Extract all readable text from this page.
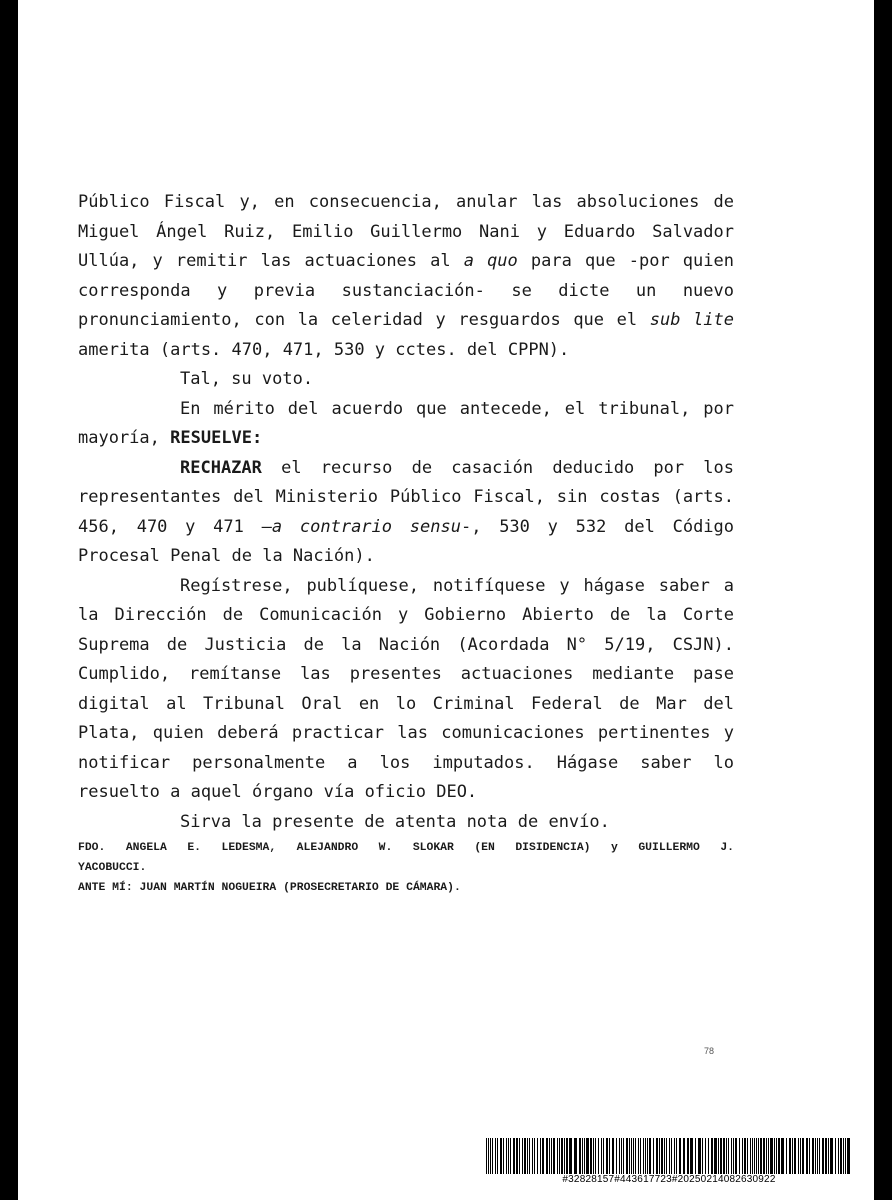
Público Fiscal y, en consecuencia, anular las absoluciones de Miguel Ángel Ruiz, Emilio Guillermo Nani y Eduardo Salvador Ullúa, y remitir las actuaciones al a quo para que -por quien corresponda y previa sustanciación- se dicte un nuevo pronunciamiento, con la celeridad y resguardos que el sub lite amerita (arts. 470, 471, 530 y cctes. del CPPN).

Tal, su voto.

En mérito del acuerdo que antecede, el tribunal, por mayoría, RESUELVE:

RECHAZAR el recurso de casación deducido por los representantes del Ministerio Público Fiscal, sin costas (arts. 456, 470 y 471 –a contrario sensu-, 530 y 532 del Código Procesal Penal de la Nación).

Regístrese, publíquese, notifíquese y hágase saber a la Dirección de Comunicación y Gobierno Abierto de la Corte Suprema de Justicia de la Nación (Acordada N° 5/19, CSJN). Cumplido, remítanse las presentes actuaciones mediante pase digital al Tribunal Oral en lo Criminal Federal de Mar del Plata, quien deberá practicar las comunicaciones pertinentes y notificar personalmente a los imputados. Hágase saber lo resuelto a aquel órgano vía oficio DEO.

Sirva la presente de atenta nota de envío.

FDO. ANGELA E. LEDESMA, ALEJANDRO W. SLOKAR (EN DISIDENCIA) y GUILLERMO J.

YACOBUCCI.

ANTE MÍ: JUAN MARTÍN NOGUEIRA (PROSECRETARIO DE CÁMARA).

78
#32828157#443617723#20250214082630922
